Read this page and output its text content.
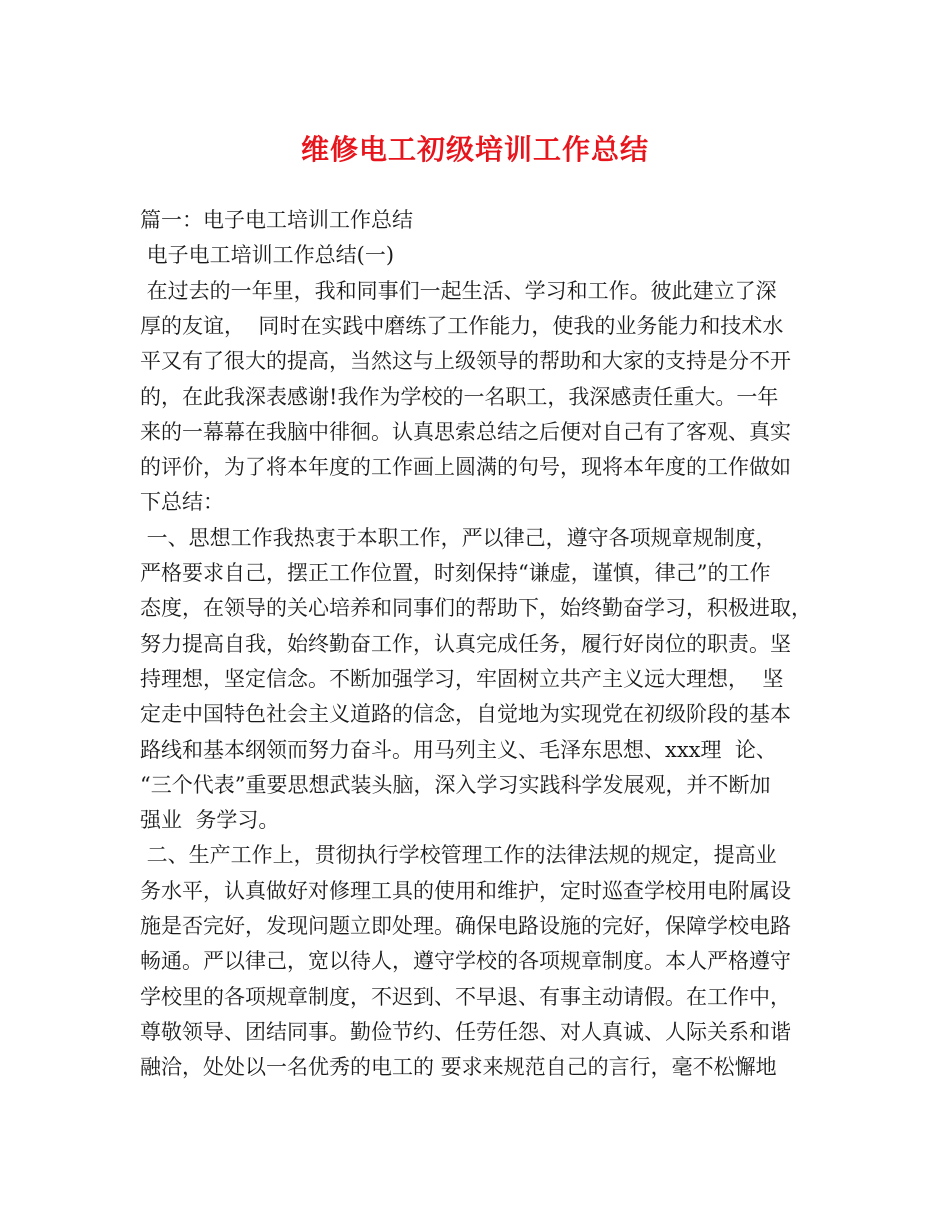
维修电工初级培训工作总结

篇一：电子电工培训工作总结

电子电工培训工作总结(一)

在过去的一年里，我和同事们一起生活、学习和工作。彼此建立了深

厚的友谊，  同时在实践中磨练了工作能力，使我的业务能力和技术水

平又有了很大的提高，当然这与上级领导的帮助和大家的支持是分不开

的，在此我深表感谢!我作为学校的一名职工，我深感责任重大。一年

来的一幕幕在我脑中徘徊。认真思索总结之后便对自己有了客观、真实

的评价，为了将本年度的工作画上圆满的句号，现将本年度的工作做如

下总结：

一、思想工作我热衷于本职工作，严以律己，遵守各项规章规制度，

严格要求自己，摆正工作位置，时刻保持“谦虚，谨慎，律己”的工作

态度，在领导的关心培养和同事们的帮助下，始终勤奋学习，积极进取，

努力提高自我，始终勤奋工作，认真完成任务，履行好岗位的职责。坚

持理想，坚定信念。不断加强学习，牢固树立共产主义远大理想，  坚

定走中国特色社会主义道路的信念，自觉地为实现党在初级阶段的基本

路线和基本纲领而努力奋斗。用马列主义、毛泽东思想、xxx理  论、

“三个代表”重要思想武装头脑，深入学习实践科学发展观，并不断加

强业  务学习。

二、生产工作上，贯彻执行学校管理工作的法律法规的规定，提高业

务水平，认真做好对修理工具的使用和维护，定时巡查学校用电附属设

施是否完好，发现问题立即处理。确保电路设施的完好，保障学校电路

畅通。严以律己，宽以待人，遵守学校的各项规章制度。本人严格遵守

学校里的各项规章制度，不迟到、不早退、有事主动请假。在工作中，

尊敬领导、团结同事。勤俭节约、任劳任怨、对人真诚、人际关系和谐

融洽，处处以一名优秀的电工的 要求来规范自己的言行，毫不松懈地
